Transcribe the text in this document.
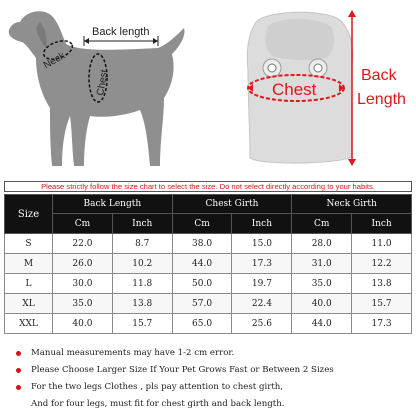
Back length
Neck
Chest	Chest
Back
Length
Please strictly follow the size chart to select the size. Do not select directly according to your habits.
Size	Back Length		Chest Girth		Neck Girth	
	Cm	Inch	Cm	Inch	Cm	Inch
S	22.0	8.7	38.0	15.0	28.0	11.0
M	26.0	10.2	44.0	17.3	31.0	12.2
L	30.0	11.8	50.0	19.7	35.0	13.8
XL	35.0	13.8	57.0	22.4	40.0	15.7
XXL	40.0	15.7	65.0	25.6	44.0	17.3
Manual measurements may have 1-2 cm error.
Please Choose Larger Size If Your Pet Grows Fast or Between 2 Sizes
For the two legs Clothes , pls pay attention to chest girth,
And for four legs, must fit for chest girth and back length.
